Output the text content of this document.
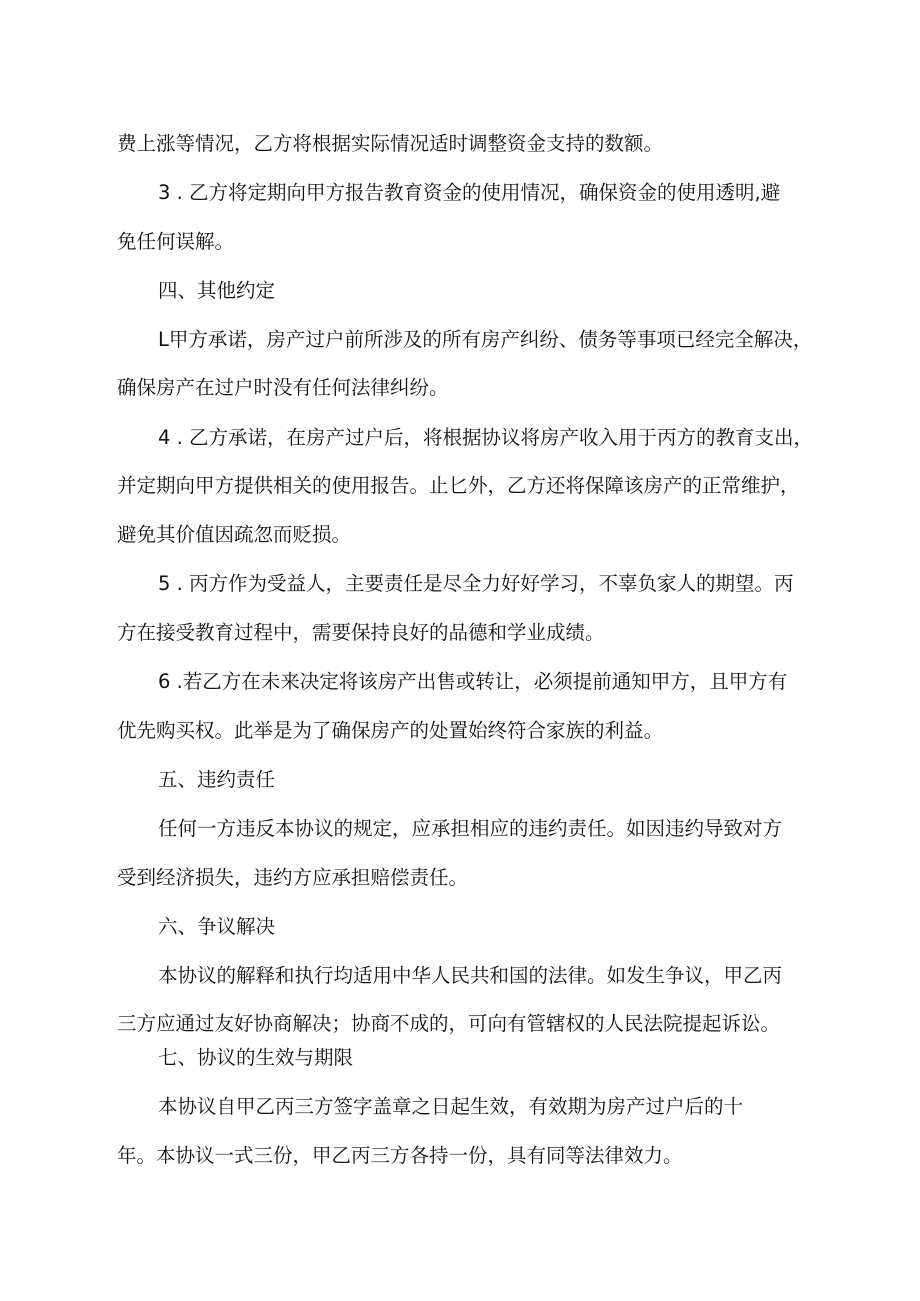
费上涨等情况，乙方将根据实际情况适时调整资金支持的数额。
3 . 乙方将定期向甲方报告教育资金的使用情况，确保资金的使用透明,避
免任何误解。
四、其他约定
L甲方承诺，房产过户前所涉及的所有房产纠纷、债务等事项已经完全解决，
确保房产在过户时没有任何法律纠纷。
4 . 乙方承诺，在房产过户后，将根据协议将房产收入用于丙方的教育支出，
并定期向甲方提供相关的使用报告。止匕外，乙方还将保障该房产的正常维护，
避免其价值因疏忽而贬损。
5 . 丙方作为受益人，主要责任是尽全力好好学习，不辜负家人的期望。丙
方在接受教育过程中，需要保持良好的品德和学业成绩。
6 .若乙方在未来决定将该房产出售或转让，必须提前通知甲方，且甲方有
优先购买权。此举是为了确保房产的处置始终符合家族的利益。
五、违约责任
任何一方违反本协议的规定，应承担相应的违约责任。如因违约导致对方
受到经济损失，违约方应承担赔偿责任。
六、争议解决
本协议的解释和执行均适用中华人民共和国的法律。如发生争议，甲乙丙
三方应通过友好协商解决；协商不成的，可向有管辖权的人民法院提起诉讼。
七、协议的生效与期限
本协议自甲乙丙三方签字盖章之日起生效，有效期为房产过户后的十
年。本协议一式三份，甲乙丙三方各持一份，具有同等法律效力。
